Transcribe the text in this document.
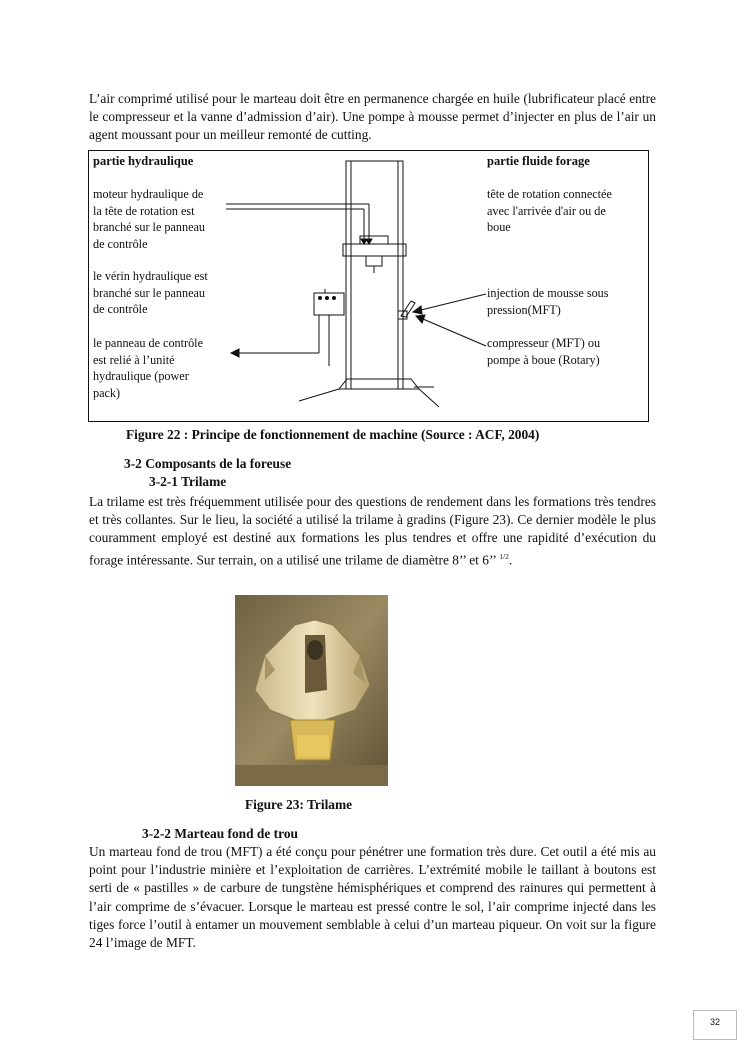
L’air comprimé utilisé pour le marteau doit être en permanence chargée en huile (lubrificateur placé entre le compresseur et la vanne d’admission d’air). Une pompe à mousse permet d’injecter en plus de l’air un agent moussant pour un meilleur remonté de cutting.

partie hydraulique
moteur hydraulique de
la tête de rotation est
branché sur le panneau
de contrôle
le vérin hydraulique est
branché sur le panneau
de contrôle
le panneau de contrôle
est relié à l’unité
hydraulique (power
pack)
partie fluide forage
tête de rotation connectée
avec l'arrivée d'air ou de
boue
injection de mousse sous
pression(MFT)
compresseur (MFT) ou
pompe à boue (Rotary)

Figure 22 : Principe de fonctionnement de machine (Source : ACF, 2004)

3-2 Composants de la foreuse

3-2-1 Trilame

La trilame est très fréquemment utilisée pour des questions de rendement dans les formations très tendres et très collantes. Sur le lieu, la société a utilisé la trilame à gradins (Figure 23). Ce dernier modèle le plus couramment employé est destiné aux formations les plus tendres et offre une rapidité d’exécution du forage intéressante. Sur terrain, on a utilisé une trilame de diamètre 8’’ et 6’’ $^{1/2}$.

Figure 23: Trilame

3-2-2 Marteau fond de trou

Un marteau fond de trou (MFT) a été conçu pour pénétrer une formation très dure. Cet outil a été mis au point pour l’industrie minière et l’exploitation de carrières. L’extrémité mobile le taillant à boutons est serti de « pastilles » de carbure de tungstène hémisphériques et comprend des rainures qui permettent à l’air comprime de s’évacuer. Lorsque le marteau est pressé contre le sol, l’air comprime injecté dans les tiges force l’outil à entamer un mouvement semblable à celui d’un marteau piqueur. On voit sur la figure 24 l’image de MFT.

32
